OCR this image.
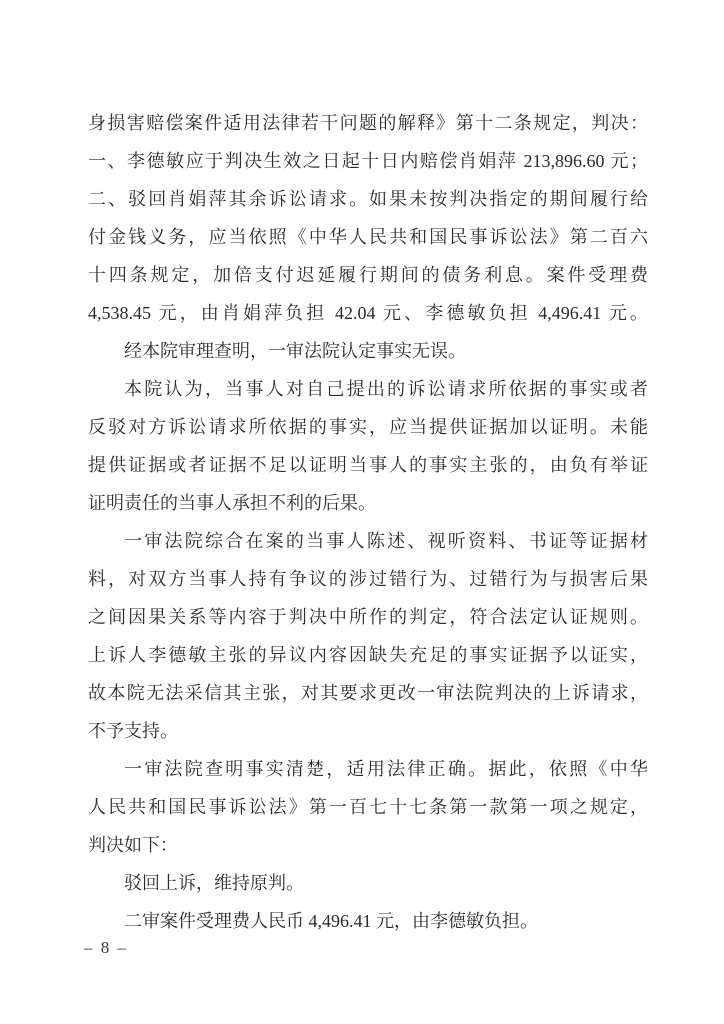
身损害赔偿案件适用法律若干问题的解释》第十二条规定，判决：
一、李德敏应于判决生效之日起十日内赔偿肖娟萍 213,896.60 元；
二、驳回肖娟萍其余诉讼请求。如果未按判决指定的期间履行给
付金钱义务，应当依照《中华人民共和国民事诉讼法》第二百六
十四条规定，加倍支付迟延履行期间的债务利息。案件受理费
4,538.45 元，由肖娟萍负担 42.04 元、李德敏负担 4,496.41 元。
经本院审理查明，一审法院认定事实无误。
本院认为，当事人对自己提出的诉讼请求所依据的事实或者
反驳对方诉讼请求所依据的事实，应当提供证据加以证明。未能
提供证据或者证据不足以证明当事人的事实主张的，由负有举证
证明责任的当事人承担不利的后果。
一审法院综合在案的当事人陈述、视听资料、书证等证据材
料，对双方当事人持有争议的涉过错行为、过错行为与损害后果
之间因果关系等内容于判决中所作的判定，符合法定认证规则。
上诉人李德敏主张的异议内容因缺失充足的事实证据予以证实，
故本院无法采信其主张，对其要求更改一审法院判决的上诉请求，
不予支持。
一审法院查明事实清楚，适用法律正确。据此，依照《中华
人民共和国民事诉讼法》第一百七十七条第一款第一项之规定，
判决如下：
驳回上诉，维持原判。
二审案件受理费人民币 4,496.41 元，由李德敏负担。
– 8 –
